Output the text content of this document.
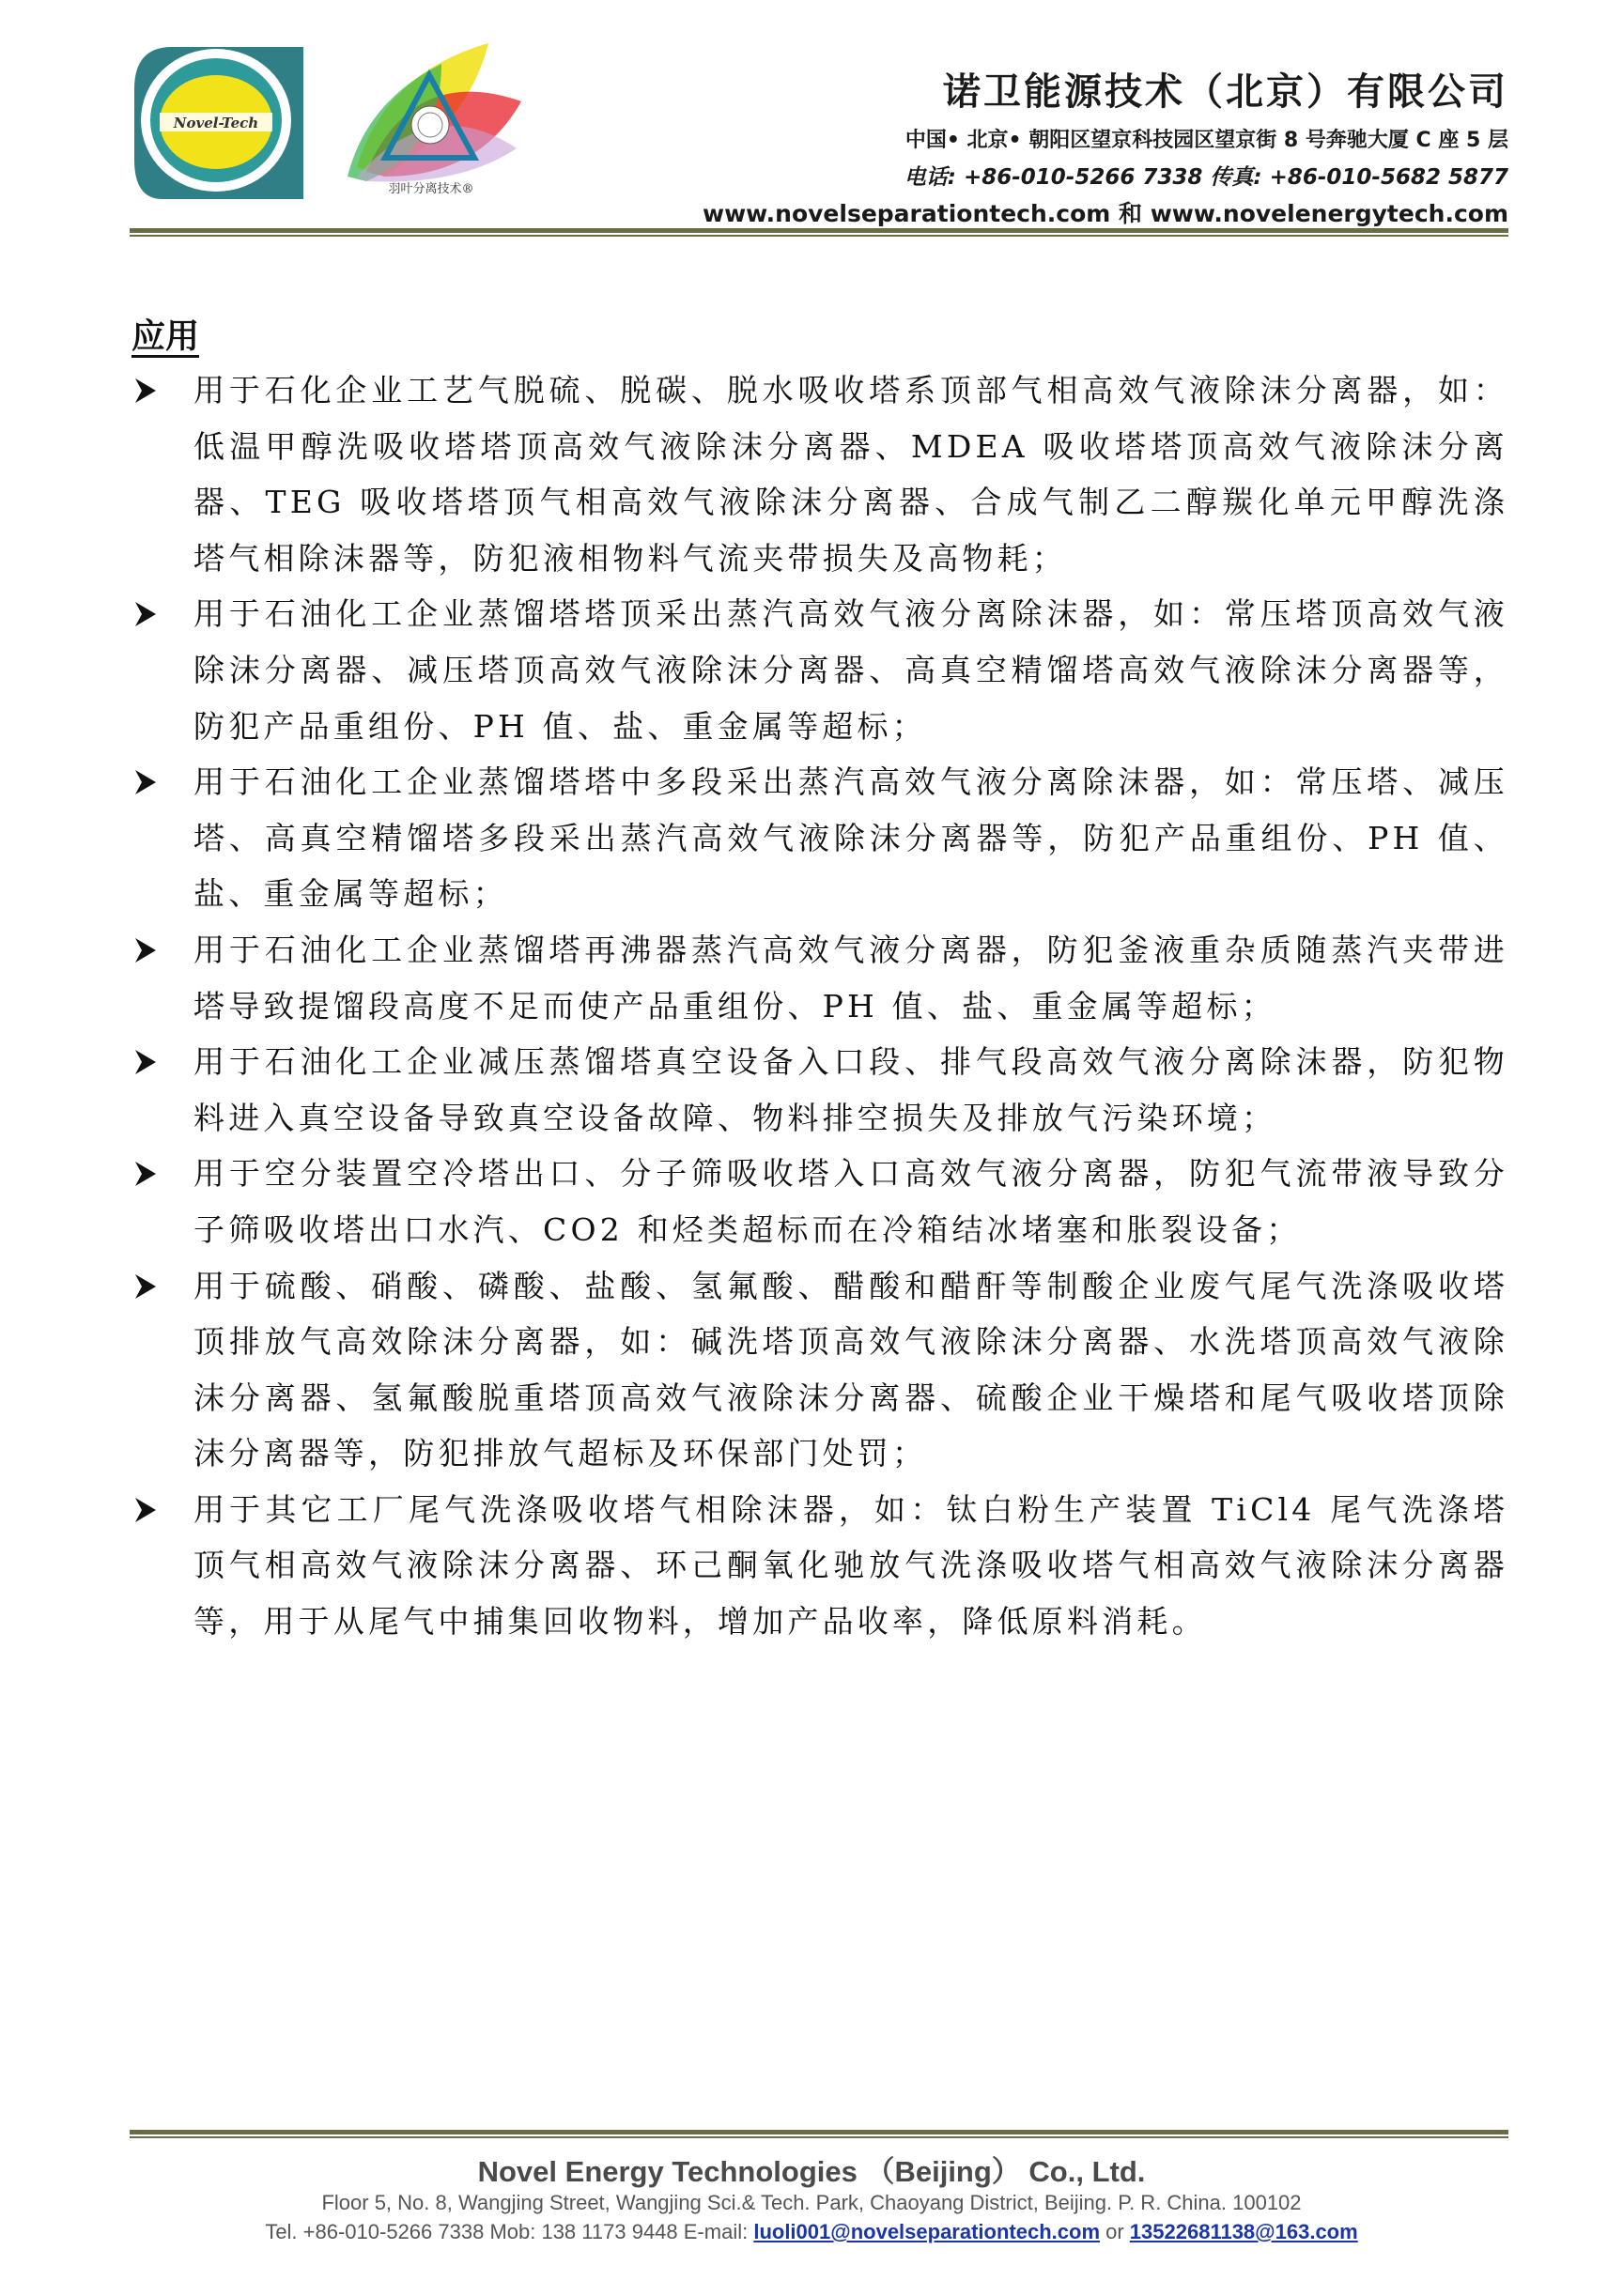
Novel-Tech
羽叶分离技术®
诺卫能源技术（北京）有限公司
中国• 北京• 朝阳区望京科技园区望京街 8 号奔驰大厦 C 座 5 层
电话: +86-010-5266 7338 传真: +86-010-5682 5877
www.novelseparationtech.com 和 www.novelenergytech.com
应用
用于石化企业工艺气脱硫、脱碳、脱水吸收塔系顶部气相高效气液除沫分离器，如：低温甲醇洗吸收塔塔顶高效气液除沫分离器、MDEA 吸收塔塔顶高效气液除沫分离器、TEG 吸收塔塔顶气相高效气液除沫分离器、合成气制乙二醇羰化单元甲醇洗涤塔气相除沫器等，防犯液相物料气流夹带损失及高物耗；
用于石油化工企业蒸馏塔塔顶采出蒸汽高效气液分离除沫器，如：常压塔顶高效气液除沫分离器、减压塔顶高效气液除沫分离器、高真空精馏塔高效气液除沫分离器等，防犯产品重组份、PH 值、盐、重金属等超标；
用于石油化工企业蒸馏塔塔中多段采出蒸汽高效气液分离除沫器，如：常压塔、减压塔、高真空精馏塔多段采出蒸汽高效气液除沫分离器等，防犯产品重组份、PH 值、盐、重金属等超标；
用于石油化工企业蒸馏塔再沸器蒸汽高效气液分离器，防犯釜液重杂质随蒸汽夹带进塔导致提馏段高度不足而使产品重组份、PH 值、盐、重金属等超标；
用于石油化工企业减压蒸馏塔真空设备入口段、排气段高效气液分离除沫器，防犯物料进入真空设备导致真空设备故障、物料排空损失及排放气污染环境；
用于空分装置空冷塔出口、分子筛吸收塔入口高效气液分离器，防犯气流带液导致分子筛吸收塔出口水汽、CO2 和烃类超标而在冷箱结冰堵塞和胀裂设备；
用于硫酸、硝酸、磷酸、盐酸、氢氟酸、醋酸和醋酐等制酸企业废气尾气洗涤吸收塔顶排放气高效除沫分离器，如：碱洗塔顶高效气液除沫分离器、水洗塔顶高效气液除沫分离器、氢氟酸脱重塔顶高效气液除沫分离器、硫酸企业干燥塔和尾气吸收塔顶除沫分离器等，防犯排放气超标及环保部门处罚；
用于其它工厂尾气洗涤吸收塔气相除沫器，如：钛白粉生产装置 TiCl4 尾气洗涤塔顶气相高效气液除沫分离器、环己酮氧化驰放气洗涤吸收塔气相高效气液除沫分离器等，用于从尾气中捕集回收物料，增加产品收率，降低原料消耗。
Novel Energy Technologies （Beijing） Co., Ltd.
Floor 5, No. 8, Wangjing Street, Wangjing Sci.& Tech. Park, Chaoyang District, Beijing. P. R. China. 100102
Tel. +86-010-5266 7338 Mob: 138 1173 9448 E-mail: luoli001@novelseparationtech.com or 13522681138@163.com
